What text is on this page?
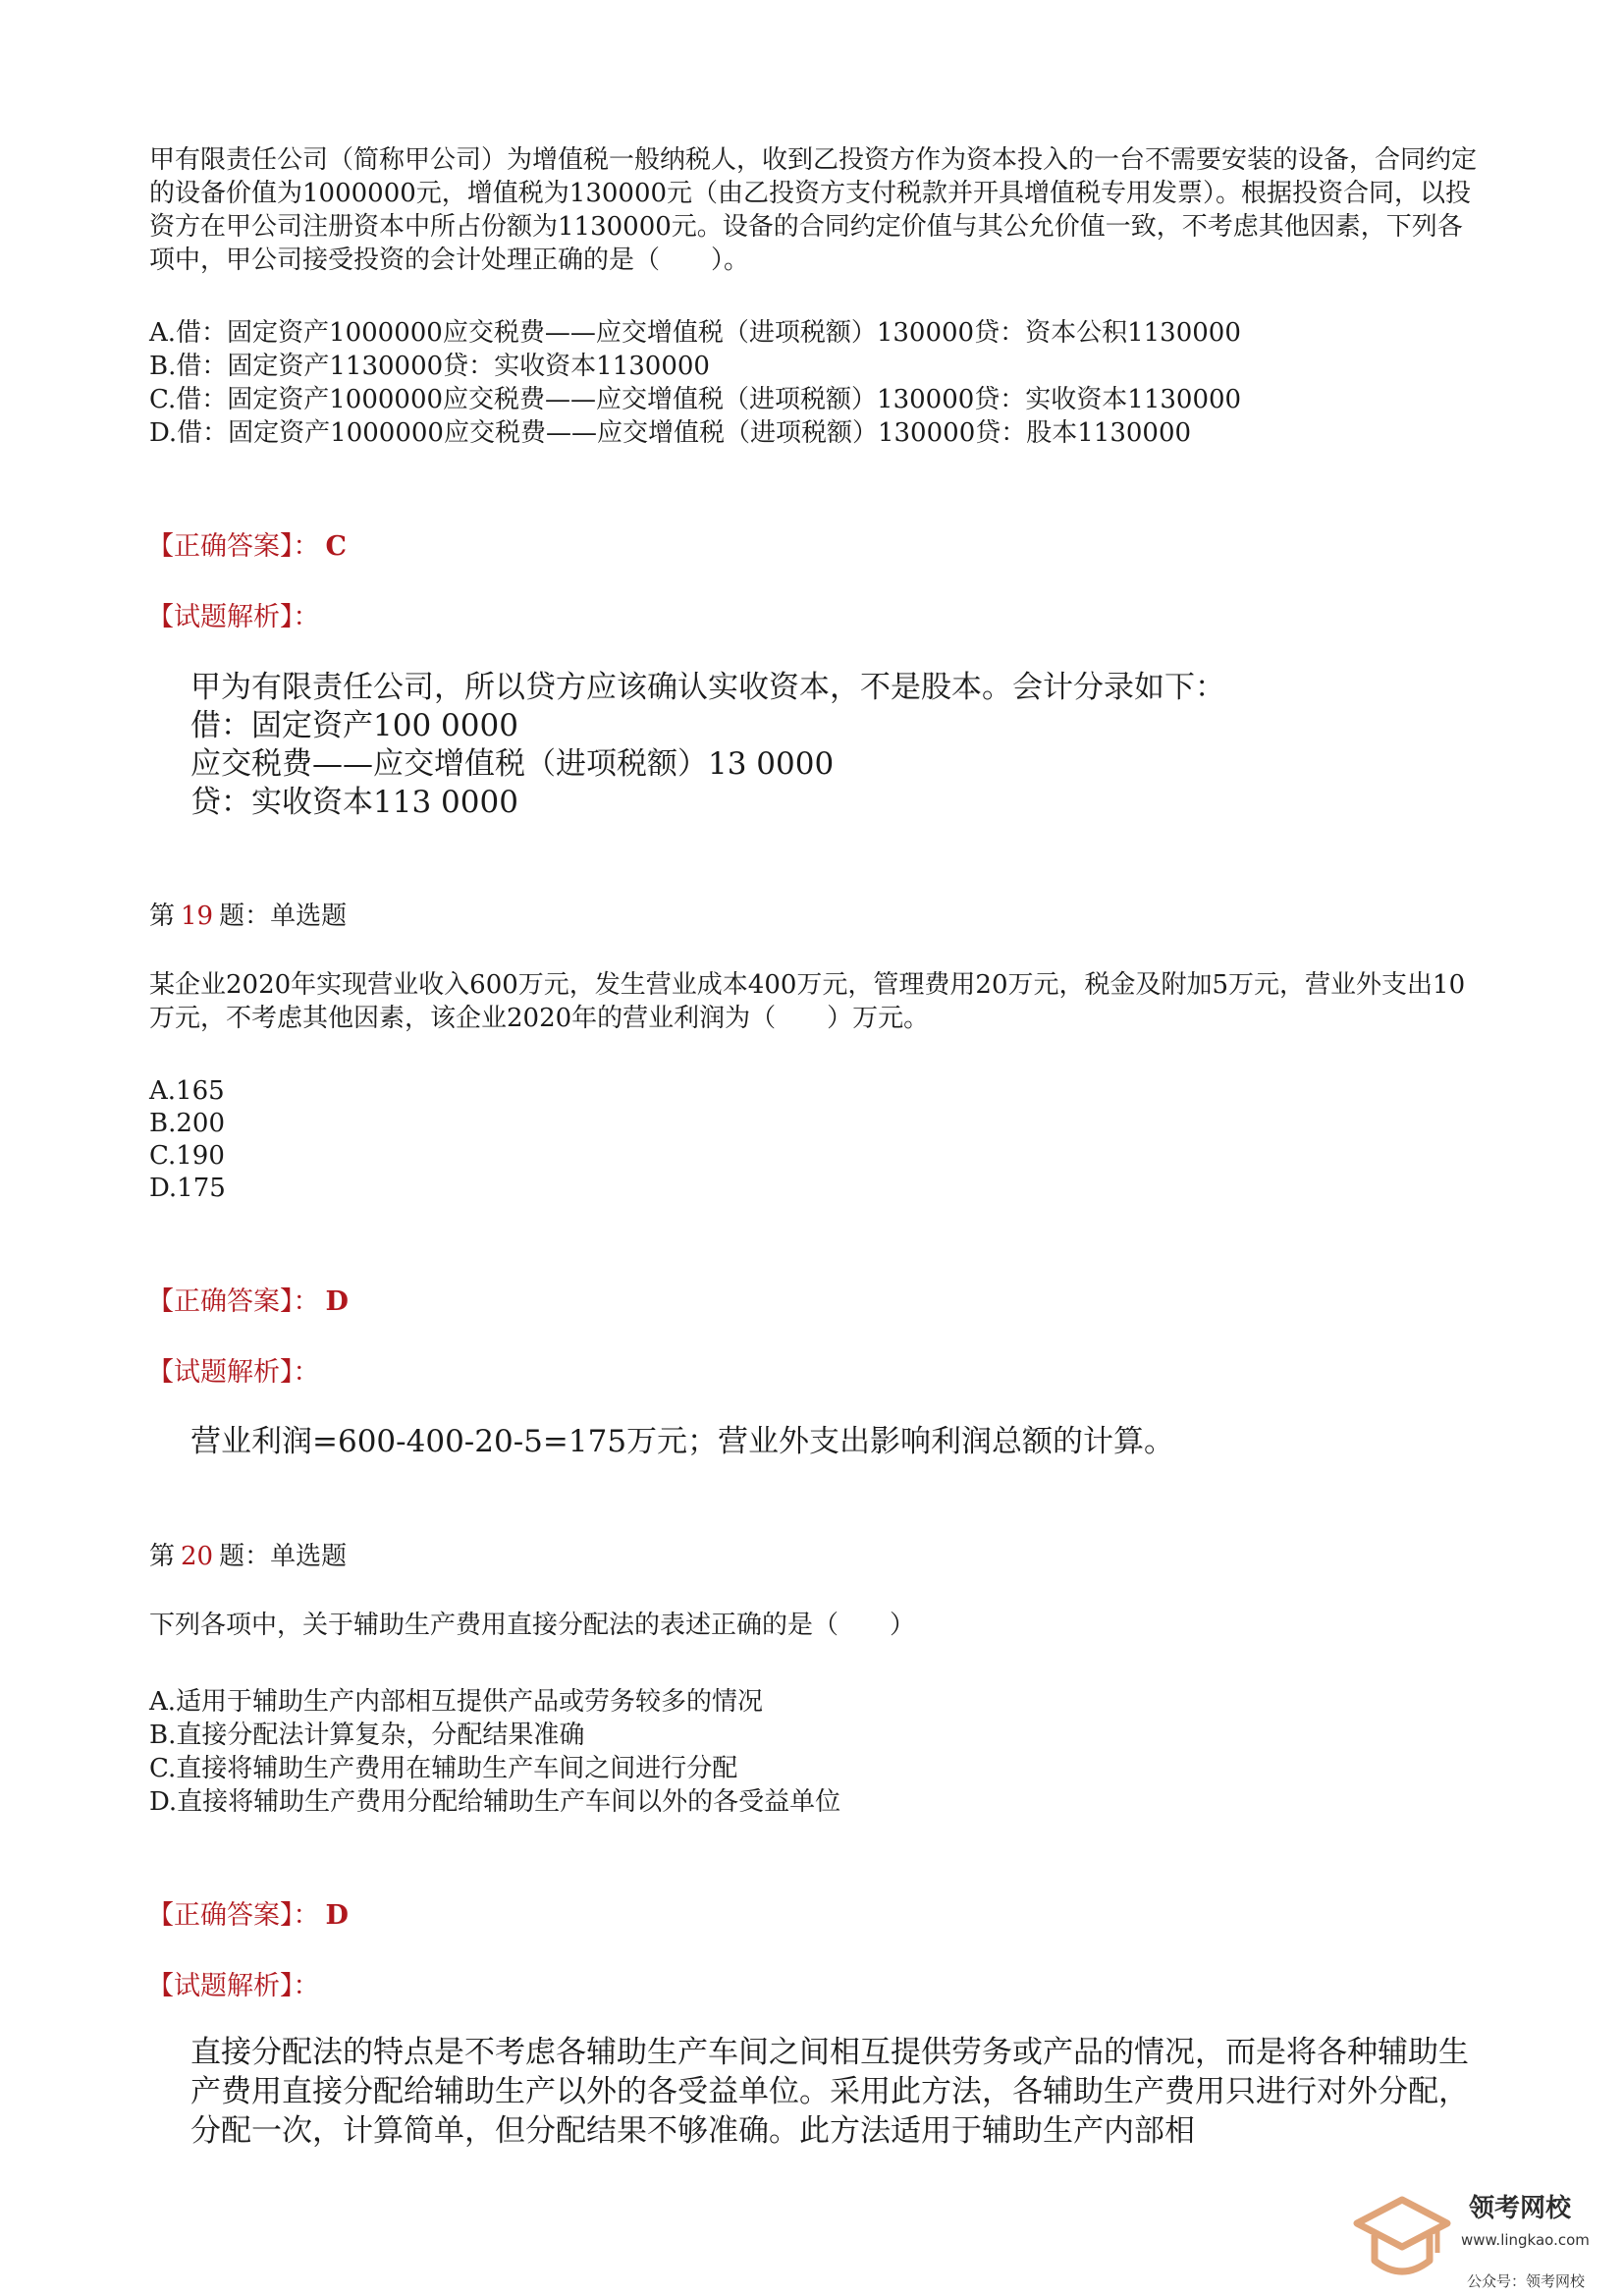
甲有限责任公司（简称甲公司）为增值税一般纳税人，收到乙投资方作为资本投入的一台不需要安装的设备，合同约定的设备价值为1000000元，增值税为130000元（由乙投资方支付税款并开具增值税专用发票）。根据投资合同，以投资方在甲公司注册资本中所占份额为1130000元。设备的合同约定价值与其公允价值一致，不考虑其他因素，下列各项中，甲公司接受投资的会计处理正确的是（　　）。
A.借：固定资产1000000应交税费——应交增值税（进项税额）130000贷：资本公积1130000
B.借：固定资产1130000贷：实收资本1130000
C.借：固定资产1000000应交税费——应交增值税（进项税额）130000贷：实收资本1130000
D.借：固定资产1000000应交税费——应交增值税（进项税额）130000贷：股本1130000
【正确答案】： C
【试题解析】：
甲为有限责任公司，所以贷方应该确认实收资本，不是股本。会计分录如下：
借：固定资产100 0000
应交税费——应交增值税（进项税额）13 0000
贷：实收资本113 0000
第 19 题：单选题
某企业2020年实现营业收入600万元，发生营业成本400万元，管理费用20万元，税金及附加5万元，营业外支出10万元，不考虑其他因素，该企业2020年的营业利润为（　　）万元。
A.165
B.200
C.190
D.175
【正确答案】： D
【试题解析】：
营业利润=600-400-20-5=175万元；营业外支出影响利润总额的计算。
第 20 题：单选题
下列各项中，关于辅助生产费用直接分配法的表述正确的是（　　）
A.适用于辅助生产内部相互提供产品或劳务较多的情况
B.直接分配法计算复杂，分配结果准确
C.直接将辅助生产费用在辅助生产车间之间进行分配
D.直接将辅助生产费用分配给辅助生产车间以外的各受益单位
【正确答案】： D
【试题解析】：
直接分配法的特点是不考虑各辅助生产车间之间相互提供劳务或产品的情况，而是将各种辅助生产费用直接分配给辅助生产以外的各受益单位。采用此方法，各辅助生产费用只进行对外分配，分配一次，计算简单，但分配结果不够准确。此方法适用于辅助生产内部相
领考网校
www.lingkao.com
公众号：领考网校
